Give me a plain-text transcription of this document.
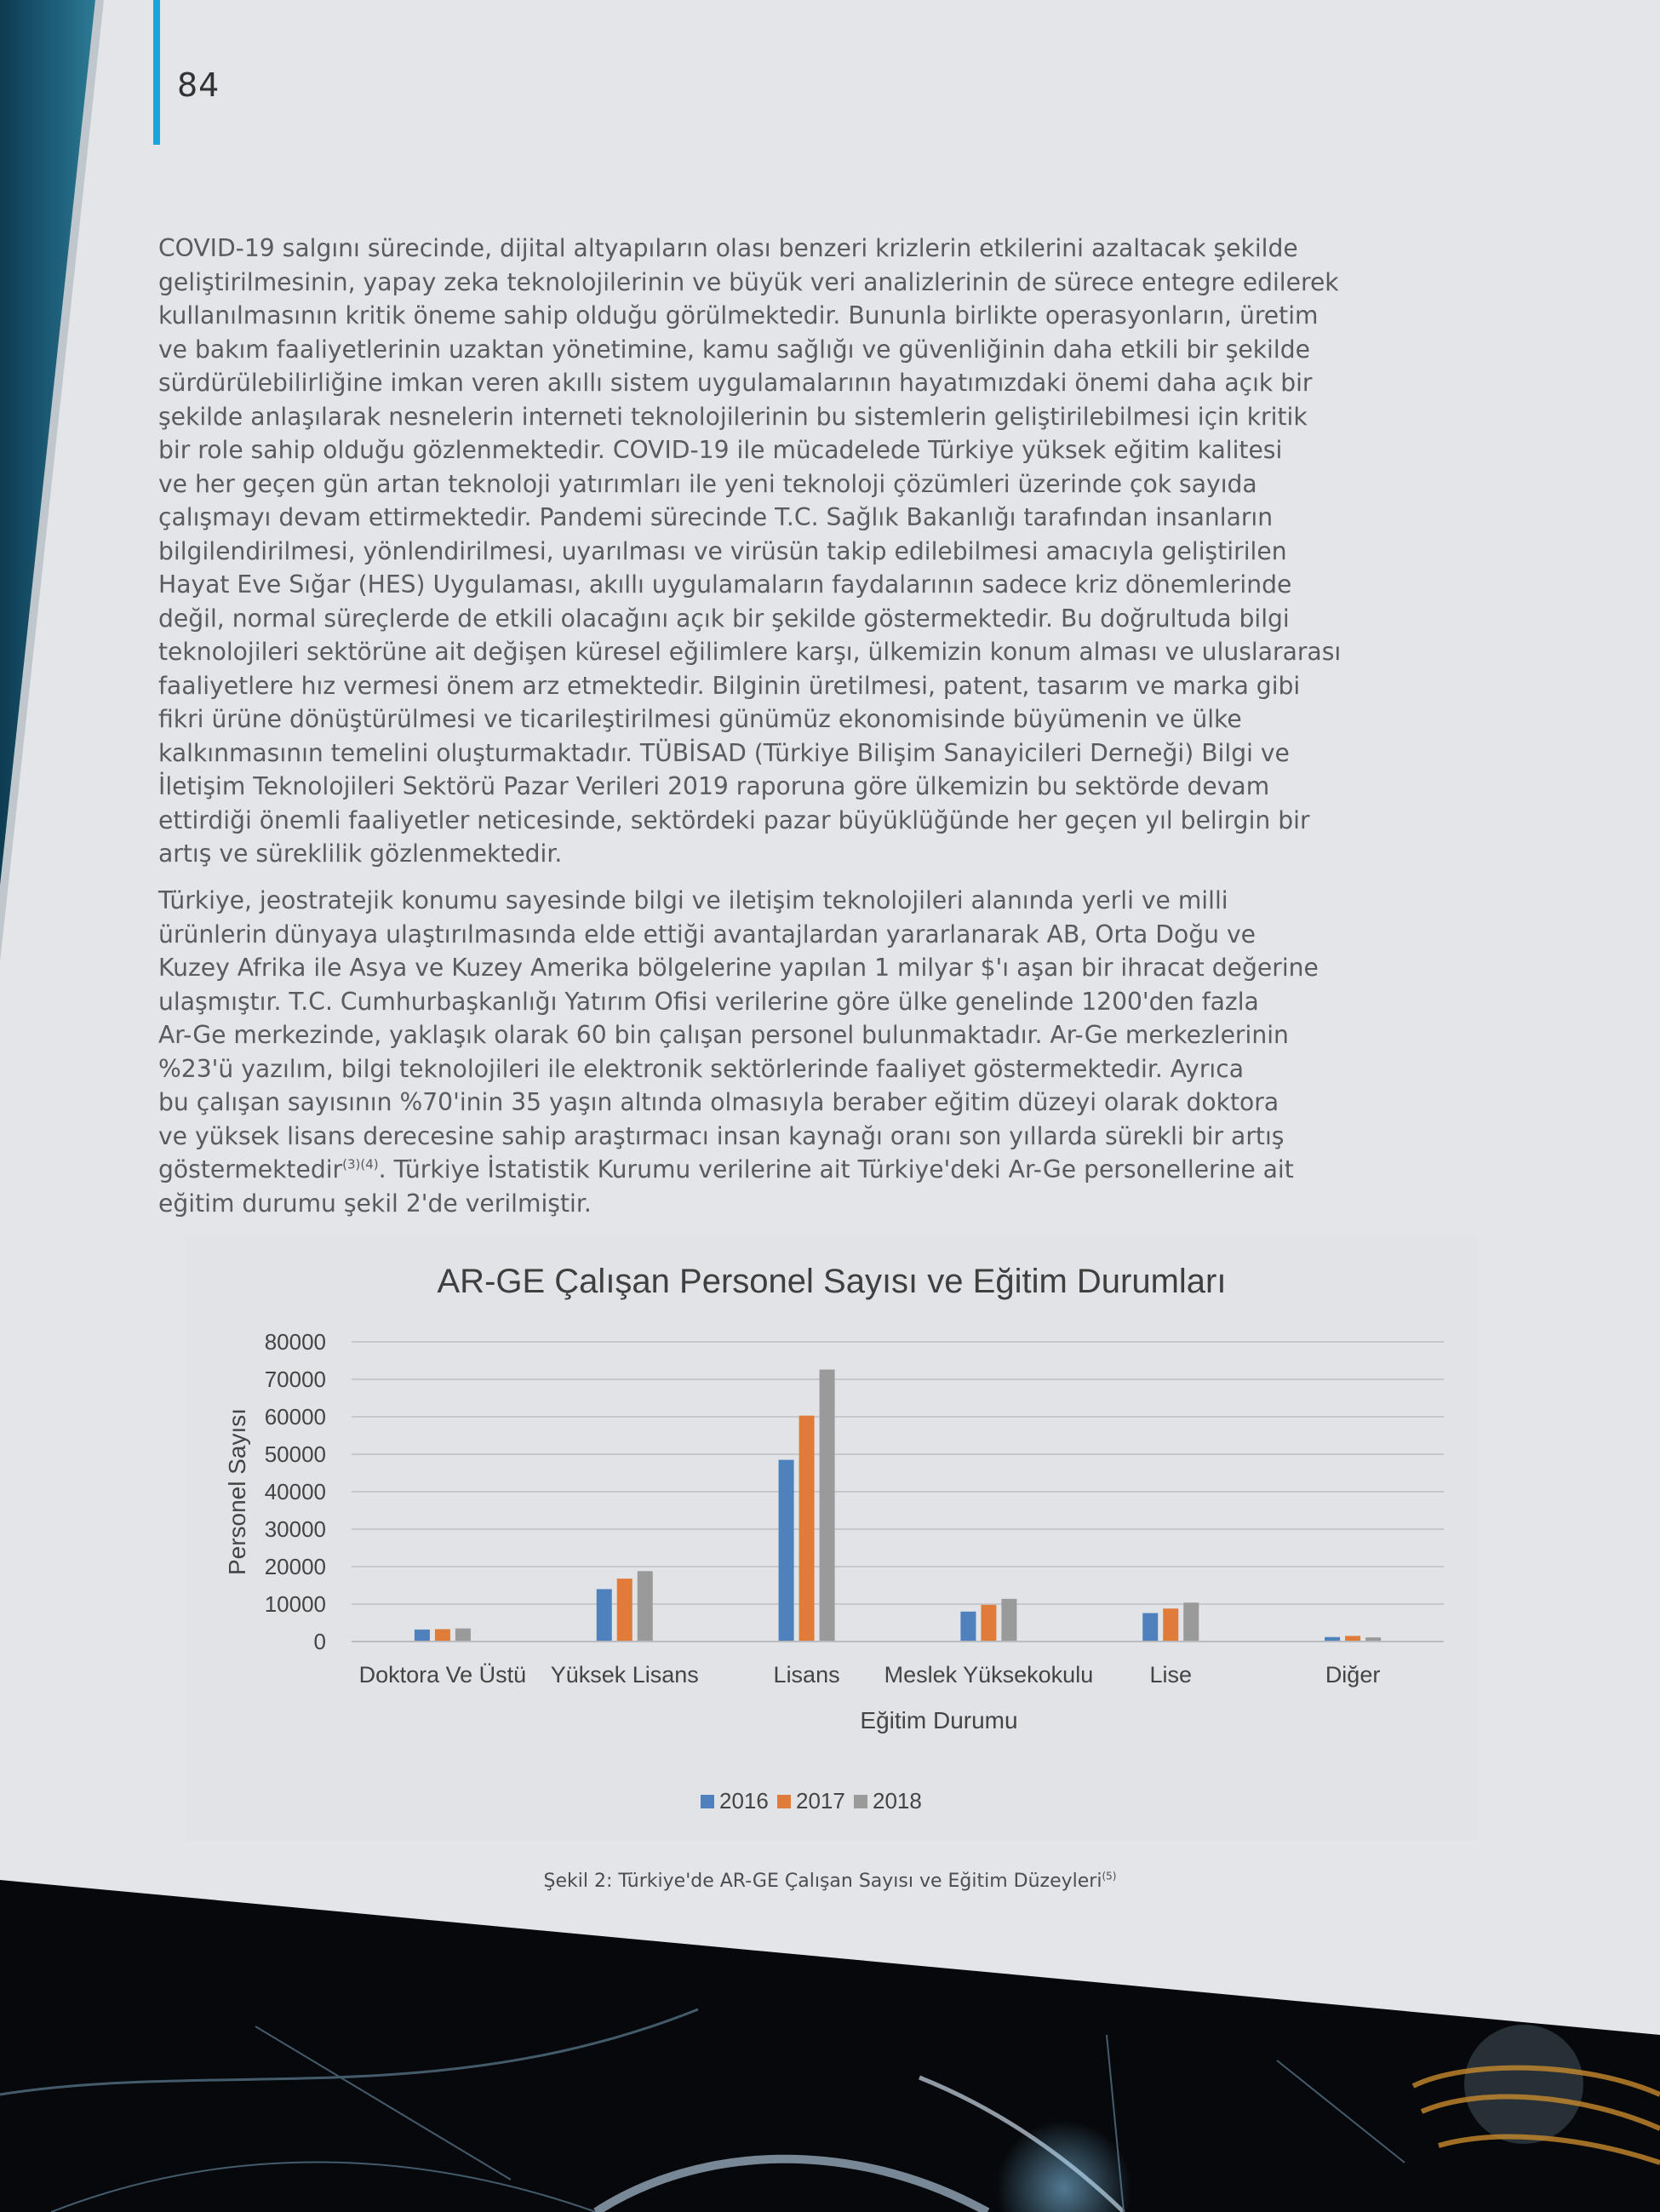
84

COVID-19 salgını sürecinde, dijital altyapıların olası benzeri krizlerin etkilerini azaltacak şekilde
geliştirilmesinin, yapay zeka teknolojilerinin ve büyük veri analizlerinin de sürece entegre edilerek
kullanılmasının kritik öneme sahip olduğu görülmektedir. Bununla birlikte operasyonların, üretim
ve bakım faaliyetlerinin uzaktan yönetimine, kamu sağlığı ve güvenliğinin daha etkili bir şekilde
sürdürülebilirliğine imkan veren akıllı sistem uygulamalarının hayatımızdaki önemi daha açık bir
şekilde anlaşılarak nesnelerin interneti teknolojilerinin bu sistemlerin geliştirilebilmesi için kritik
bir role sahip olduğu gözlenmektedir. COVID-19 ile mücadelede Türkiye yüksek eğitim kalitesi
ve her geçen gün artan teknoloji yatırımları ile yeni teknoloji çözümleri üzerinde çok sayıda
çalışmayı devam ettirmektedir. Pandemi sürecinde T.C. Sağlık Bakanlığı tarafından insanların
bilgilendirilmesi, yönlendirilmesi, uyarılması ve virüsün takip edilebilmesi amacıyla geliştirilen
Hayat Eve Sığar (HES) Uygulaması, akıllı uygulamaların faydalarının sadece kriz dönemlerinde
değil, normal süreçlerde de etkili olacağını açık bir şekilde göstermektedir. Bu doğrultuda bilgi
teknolojileri sektörüne ait değişen küresel eğilimlere karşı, ülkemizin konum alması ve uluslararası
faaliyetlere hız vermesi önem arz etmektedir. Bilginin üretilmesi, patent, tasarım ve marka gibi
fikri ürüne dönüştürülmesi ve ticarileştirilmesi günümüz ekonomisinde büyümenin ve ülke
kalkınmasının temelini oluşturmaktadır. TÜBİSAD (Türkiye Bilişim Sanayicileri Derneği) Bilgi ve
İletişim Teknolojileri Sektörü Pazar Verileri 2019 raporuna göre ülkemizin bu sektörde devam
ettirdiği önemli faaliyetler neticesinde, sektördeki pazar büyüklüğünde her geçen yıl belirgin bir
artış ve süreklilik gözlenmektedir.

Türkiye, jeostratejik konumu sayesinde bilgi ve iletişim teknolojileri alanında yerli ve milli
ürünlerin dünyaya ulaştırılmasında elde ettiği avantajlardan yararlanarak AB, Orta Doğu ve
Kuzey Afrika ile Asya ve Kuzey Amerika bölgelerine yapılan 1 milyar $'ı aşan bir ihracat değerine
ulaşmıştır. T.C. Cumhurbaşkanlığı Yatırım Ofisi verilerine göre ülke genelinde 1200'den fazla
Ar-Ge merkezinde, yaklaşık olarak 60 bin çalışan personel bulunmaktadır. Ar-Ge merkezlerinin
%23'ü yazılım, bilgi teknolojileri ile elektronik sektörlerinde faaliyet göstermektedir. Ayrıca
bu çalışan sayısının %70'inin 35 yaşın altında olmasıyla beraber eğitim düzeyi olarak doktora
ve yüksek lisans derecesine sahip araştırmacı insan kaynağı oranı son yıllarda sürekli bir artış
göstermektedir$^{(3)(4)}$. Türkiye İstatistik Kurumu verilerine ait Türkiye'deki Ar-Ge personellerine ait
eğitim durumu şekil 2'de verilmiştir.

AR-GE Çalışan Personel Sayısı ve Eğitim Durumları
0
10000
20000
30000
40000
50000
60000
70000
80000
Personel Sayısı
Doktora Ve Üstü Yüksek Lisans	Lisans Meslek Yüksekokulu Lise	Diğer
Eğitim Durumu
2016 2017 2018
Şekil 2: Türkiye'de AR-GE Çalışan Sayısı ve Eğitim Düzeyleri$^{(5)}$
